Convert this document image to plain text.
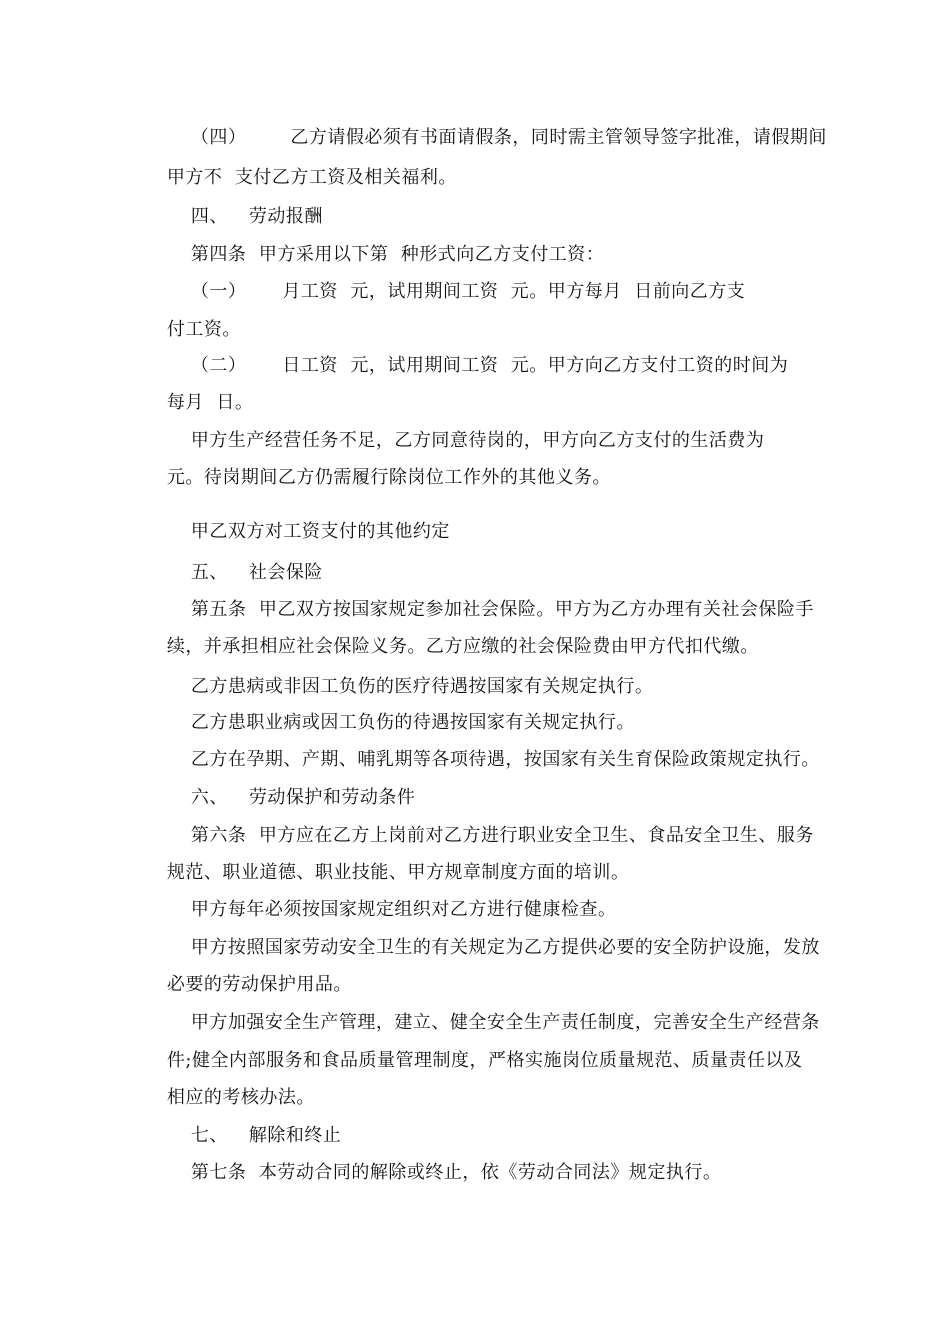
（四） 乙方请假必须有书面请假条，同时需主管领导签字批准，请假期间

甲方不  支付乙方工资及相关福利。

四、 劳动报酬

第四条  甲方采用以下第  种形式向乙方支付工资：

（一） 月工资  元，试用期间工资  元。甲方每月  日前向乙方支

付工资。

（二） 日工资  元，试用期间工资  元。甲方向乙方支付工资的时间为

每月  日。

甲方生产经营任务不足，乙方同意待岗的，甲方向乙方支付的生活费为

元。待岗期间乙方仍需履行除岗位工作外的其他义务。

甲乙双方对工资支付的其他约定

五、 社会保险

第五条  甲乙双方按国家规定参加社会保险。甲方为乙方办理有关社会保险手

续，并承担相应社会保险义务。乙方应缴的社会保险费由甲方代扣代缴。

乙方患病或非因工负伤的医疗待遇按国家有关规定执行。

乙方患职业病或因工负伤的待遇按国家有关规定执行。

乙方在孕期、产期、哺乳期等各项待遇，按国家有关生育保险政策规定执行。

六、 劳动保护和劳动条件

第六条  甲方应在乙方上岗前对乙方进行职业安全卫生、食品安全卫生、服务

规范、职业道德、职业技能、甲方规章制度方面的培训。

甲方每年必须按国家规定组织对乙方进行健康检查。

甲方按照国家劳动安全卫生的有关规定为乙方提供必要的安全防护设施，发放

必要的劳动保护用品。

甲方加强安全生产管理，建立、健全安全生产责任制度，完善安全生产经营条

件;健全内部服务和食品质量管理制度，严格实施岗位质量规范、质量责任以及

相应的考核办法。

七、 解除和终止

第七条  本劳动合同的解除或终止，依《劳动合同法》规定执行。
